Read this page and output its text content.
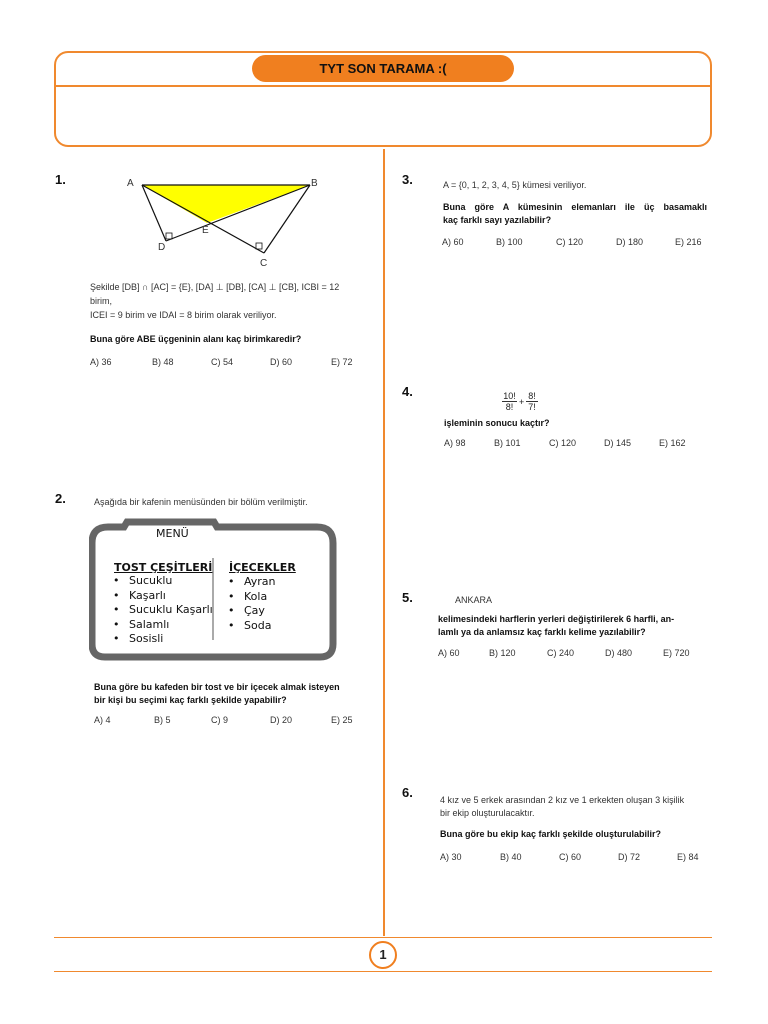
TYT SON TARAMA :(
1
1.	A	B
E
D
C
Şekilde [DB] ∩ [AC] = {E}, [DA] ⊥ [DB], [CA] ⊥ [CB], ICBI = 12
birim,
ICEI = 9 birim ve IDAI = 8 birim olarak veriliyor.
Buna göre ABE üçgeninin alanı kaç birimkaredir?
A) 36	B) 48	C) 54	D) 60	E) 72
2.	Aşağıda bir kafenin menüsünden bir bölüm verilmiştir.
MENÜ
TOST ÇEŞİTLERİ
• Sucuklu
• Kaşarlı
• Sucuklu Kaşarlı
• Salamlı
• Sosisli
İÇECEKLER
• Ayran
• Kola
• Çay
• Soda
Buna göre bu kafeden bir tost ve bir içecek almak isteyen
bir kişi bu seçimi kaç farklı şekilde yapabilir?
A) 4	B) 5	C) 9	D) 20	E) 25
3.	A = {0, 1, 2, 3, 4, 5} kümesi veriliyor.
Buna göre A kümesinin elemanları ile üç basamaklı
kaç farklı sayı yazılabilir?
A) 60	B) 100	C) 120	D) 180	E) 216
4.	$\frac{10!}{8!} + \frac{8!}{7!}$
işleminin sonucu kaçtır?
A) 98	B) 101	C) 120	D) 145	E) 162
5.	ANKARA
kelimesindeki harflerin yerleri değiştirilerek 6 harfli, an-
lamlı ya da anlamsız kaç farklı kelime yazılabilir?
A) 60	B) 120	C) 240	D) 480	E) 720
6.	4 kız ve 5 erkek arasından 2 kız ve 1 erkekten oluşan 3 kişilik
bir ekip oluşturulacaktır.
Buna göre bu ekip kaç farklı şekilde oluşturulabilir?
A) 30	B) 40	C) 60	D) 72	E) 84
